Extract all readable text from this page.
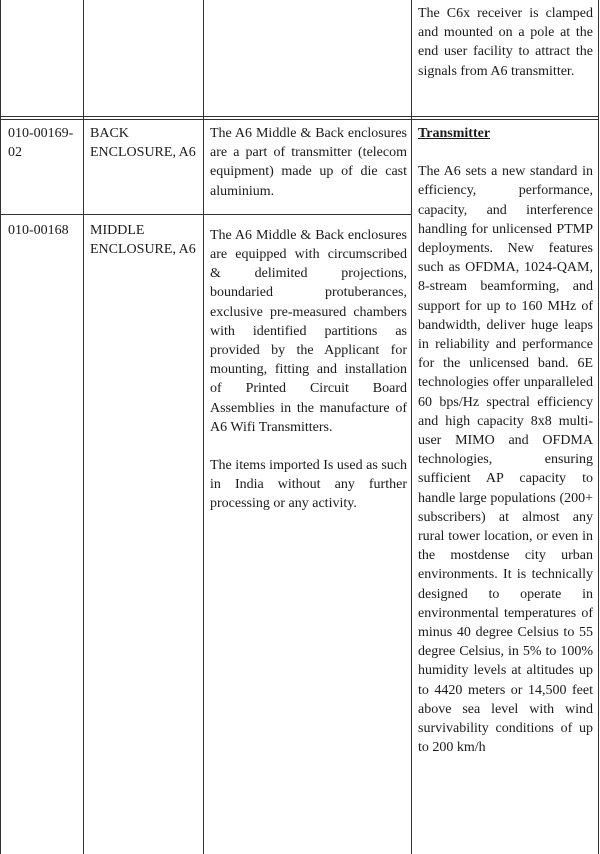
The C6x receiver is clamped and mounted on a pole at the end user facility to attract the signals from A6 transmitter.

010-00169-02

BACK ENCLOSURE, A6

010-00168	MIDDLE ENCLOSURE, A6

The A6 Middle & Back enclosures are a part of transmitter (telecom equipment) made up of die cast aluminium.

The A6 Middle & Back enclosures are equipped with circumscribed & delimited projections, boundaried protuberances, exclusive pre-measured chambers with identified partitions as provided by the Applicant for mounting, fitting and installation of Printed Circuit Board Assemblies in the manufacture of A6 Wifi Transmitters.

The items imported Is used as such in India without any further processing or any activity.

Transmitter

The A6 sets a new standard in efficiency, performance, capacity, and interference handling for unlicensed PTMP deployments. New features such as OFDMA, 1024-QAM, 8-stream beamforming, and support for up to 160 MHz of bandwidth, deliver huge leaps in reliability and performance for the unlicensed band. 6E technologies offer unparalleled 60 bps/Hz spectral efficiency and high capacity 8x8 multi-user MIMO and OFDMA technologies, ensuring sufficient AP capacity to handle large populations (200+ subscribers) at almost any rural tower location, or even in the mostdense city urban environments. It is technically designed to operate in environmental temperatures of minus 40 degree Celsius to 55 degree Celsius, in 5% to 100% humidity levels at altitudes up to 4420 meters or 14,500 feet above sea level with wind survivability conditions of up to 200 km/h
